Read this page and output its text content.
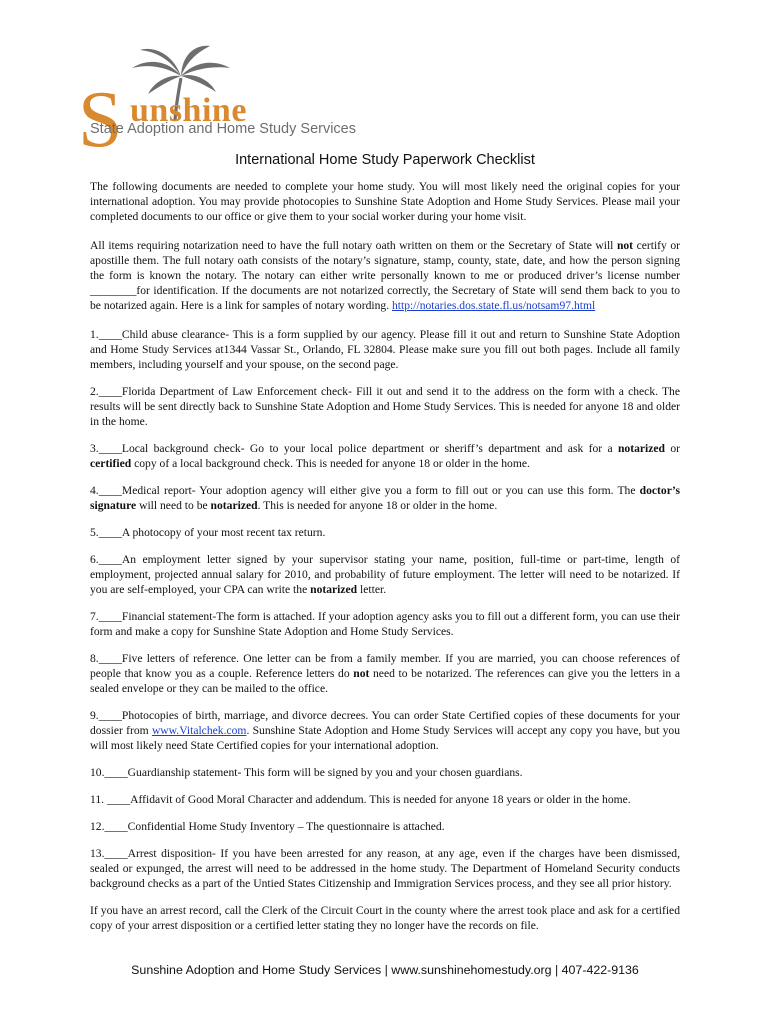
S unshine
State Adoption and Home Study Services
International Home Study Paperwork Checklist

The following documents are needed to complete your home study. You will most likely need the original copies for your international adoption. You may provide photocopies to Sunshine State Adoption and Home Study Services. Please mail your completed documents to our office or give them to your social worker during your home visit.

All items requiring notarization need to have the full notary oath written on them or the Secretary of State will not certify or apostille them. The full notary oath consists of the notary’s signature, stamp, county, state, date, and how the person signing the form is known the notary. The notary can either write personally known to me or produced driver’s license number ________for identification. If the documents are not notarized correctly, the Secretary of State will send them back to you to be notarized again. Here is a link for samples of notary wording. http://notaries.dos.state.fl.us/notsam97.html

1.____Child abuse clearance- This is a form supplied by our agency. Please fill it out and return to Sunshine State Adoption and Home Study Services at1344 Vassar St., Orlando, FL 32804. Please make sure you fill out both pages. Include all family members, including yourself and your spouse, on the second page.

2.____Florida Department of Law Enforcement check- Fill it out and send it to the address on the form with a check. The results will be sent directly back to Sunshine State Adoption and Home Study Services. This is needed for anyone 18 and older in the home.

3.____Local background check- Go to your local police department or sheriff’s department and ask for a notarized or certified copy of a local background check. This is needed for anyone 18 or older in the home.

4.____Medical report- Your adoption agency will either give you a form to fill out or you can use this form. The doctor’s signature will need to be notarized. This is needed for anyone 18 or older in the home.

5.____A photocopy of your most recent tax return.

6.____An employment letter signed by your supervisor stating your name, position, full-time or part-time, length of employment, projected annual salary for 2010, and probability of future employment. The letter will need to be notarized. If you are self-employed, your CPA can write the notarized letter.

7.____Financial statement-The form is attached. If your adoption agency asks you to fill out a different form, you can use their form and make a copy for Sunshine State Adoption and Home Study Services.

8.____Five letters of reference. One letter can be from a family member. If you are married, you can choose references of people that know you as a couple. Reference letters do not need to be notarized. The references can give you the letters in a sealed envelope or they can be mailed to the office.

9.____Photocopies of birth, marriage, and divorce decrees. You can order State Certified copies of these documents for your dossier from www.Vitalchek.com. Sunshine State Adoption and Home Study Services will accept any copy you have, but you will most likely need State Certified copies for your international adoption.

10.____Guardianship statement- This form will be signed by you and your chosen guardians.

11. ____Affidavit of Good Moral Character and addendum. This is needed for anyone 18 years or older in the home.

12.____Confidential Home Study Inventory – The questionnaire is attached.

13.____Arrest disposition- If you have been arrested for any reason, at any age, even if the charges have been dismissed, sealed or expunged, the arrest will need to be addressed in the home study. The Department of Homeland Security conducts background checks as a part of the Untied States Citizenship and Immigration Services process, and they see all prior history.

If you have an arrest record, call the Clerk of the Circuit Court in the county where the arrest took place and ask for a certified copy of your arrest disposition or a certified letter stating they no longer have the records on file.

Sunshine Adoption and Home Study Services | www.sunshinehomestudy.org | 407-422-9136
